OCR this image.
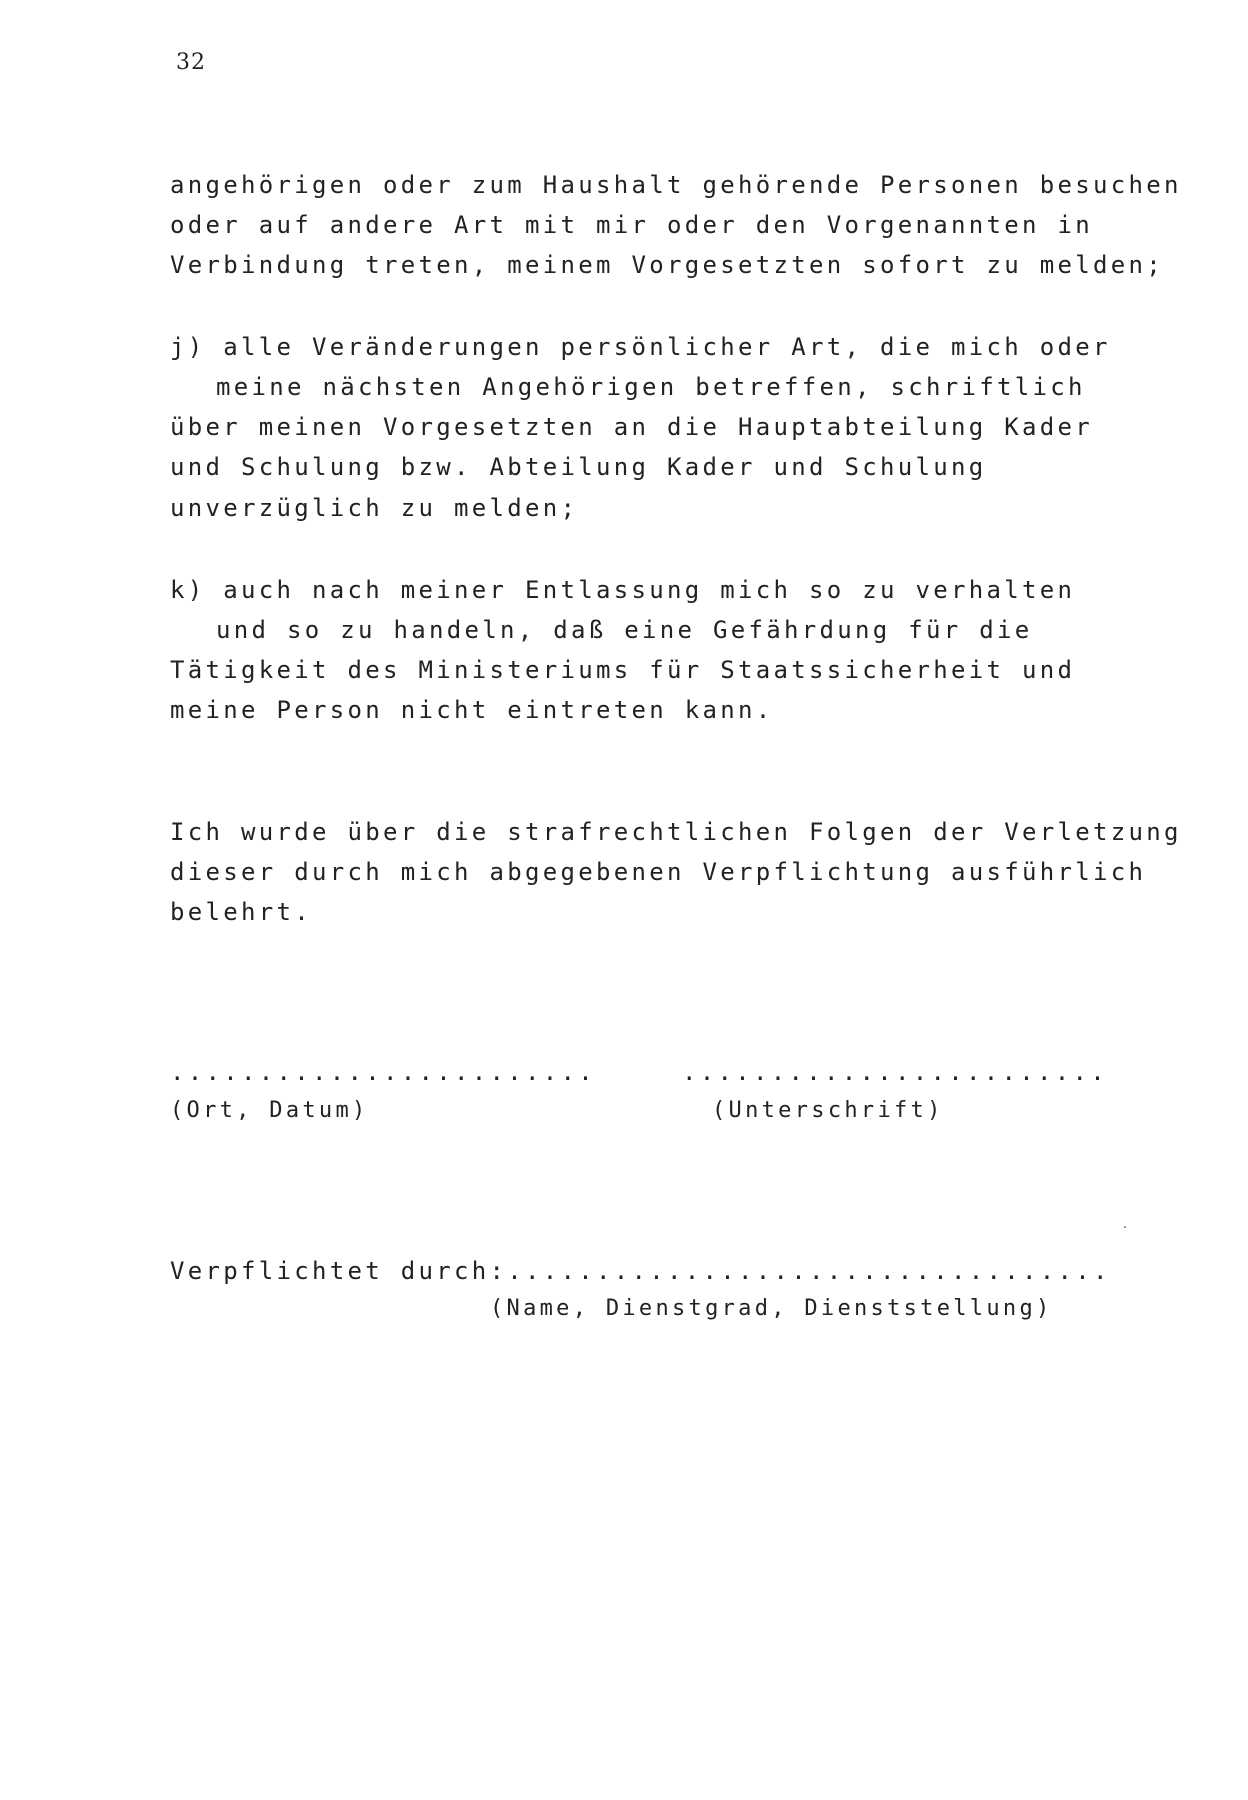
32
angehörigen oder zum Haushalt gehörende Personen besuchen
oder auf andere Art mit mir oder den Vorgenannten in
Verbindung treten, meinem Vorgesetzten sofort zu melden;
j) alle Veränderungen persönlicher Art, die mich oder
meine nächsten Angehörigen betreffen, schriftlich
über meinen Vorgesetzten an die Hauptabteilung Kader
und Schulung bzw. Abteilung Kader und Schulung
unverzüglich zu melden;
k) auch nach meiner Entlassung mich so zu verhalten
und so zu handeln, daß eine Gefährdung für die
Tätigkeit des Ministeriums für Staatssicherheit und
meine Person nicht eintreten kann.
Ich wurde über die strafrechtlichen Folgen der Verletzung
dieser durch mich abgegebenen Verpflichtung ausführlich
belehrt.
........................
(Ort, Datum)
........................
(Unterschrift)
Verpflichtet durch:..................................
(Name, Dienstgrad, Dienststellung)
